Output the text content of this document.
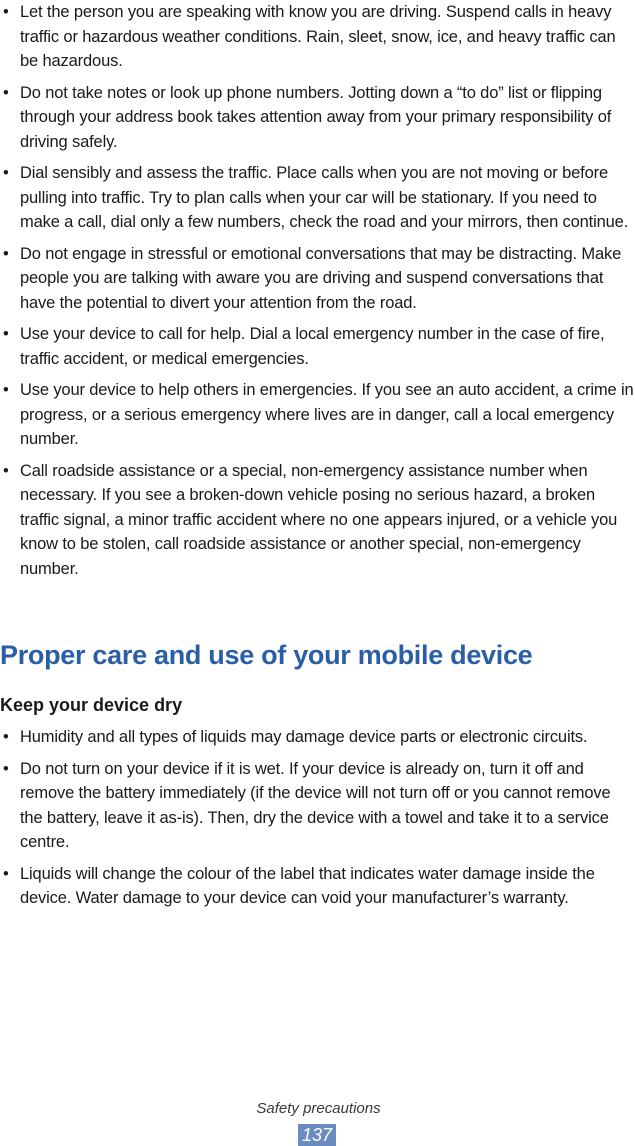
• Let the person you are speaking with know you are driving. Suspend calls in heavy traffic or hazardous weather conditions. Rain, sleet, snow, ice, and heavy traffic can be hazardous.
• Do not take notes or look up phone numbers. Jotting down a “to do” list or flipping through your address book takes attention away from your primary responsibility of driving safely.
• Dial sensibly and assess the traffic. Place calls when you are not moving or before pulling into traffic. Try to plan calls when your car will be stationary. If you need to make a call, dial only a few numbers, check the road and your mirrors, then continue.
• Do not engage in stressful or emotional conversations that may be distracting. Make people you are talking with aware you are driving and suspend conversations that have the potential to divert your attention from the road.
• Use your device to call for help. Dial a local emergency number in the case of fire, traffic accident, or medical emergencies.
• Use your device to help others in emergencies. If you see an auto accident, a crime in progress, or a serious emergency where lives are in danger, call a local emergency number.
• Call roadside assistance or a special, non-emergency assistance number when necessary. If you see a broken-down vehicle posing no serious hazard, a broken traffic signal, a minor traffic accident where no one appears injured, or a vehicle you know to be stolen, call roadside assistance or another special, non-emergency number.
Proper care and use of your mobile device
Keep your device dry
• Humidity and all types of liquids may damage device parts or electronic circuits.
• Do not turn on your device if it is wet. If your device is already on, turn it off and remove the battery immediately (if the device will not turn off or you cannot remove the battery, leave it as-is). Then, dry the device with a towel and take it to a service centre.
• Liquids will change the colour of the label that indicates water damage inside the device. Water damage to your device can void your manufacturer’s warranty.
Safety precautions
137
